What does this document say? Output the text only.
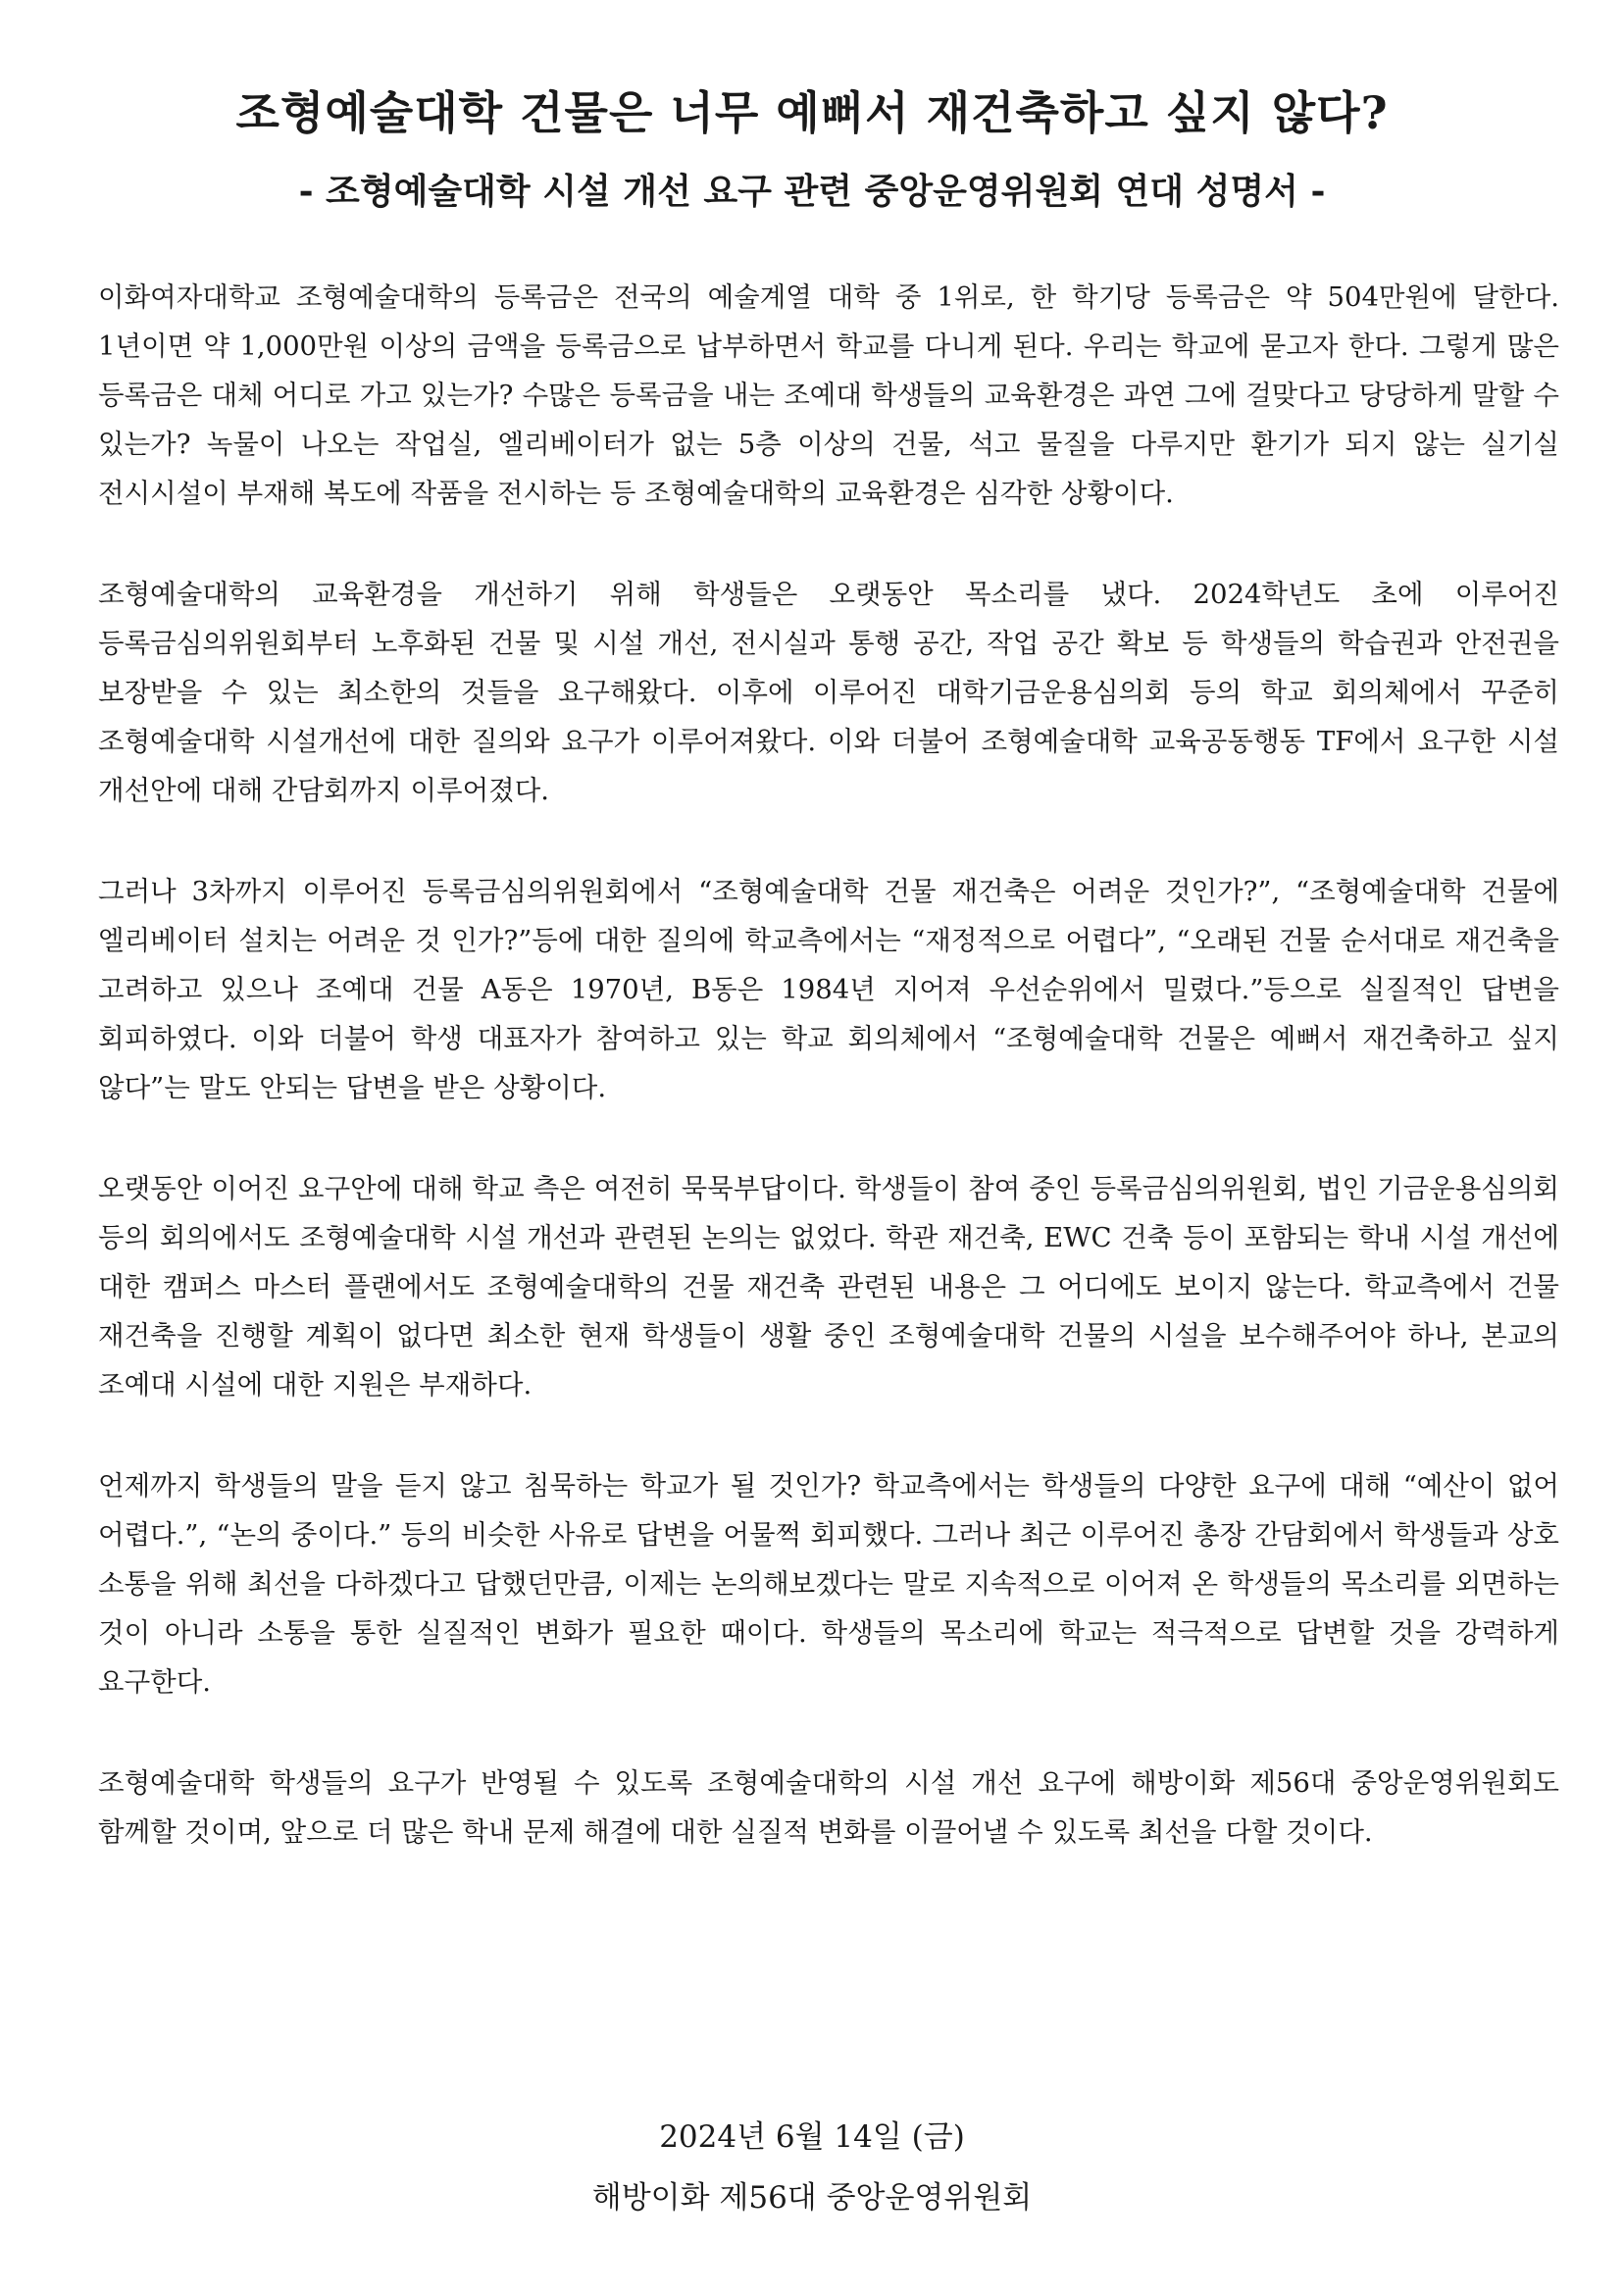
조형예술대학 건물은 너무 예뻐서 재건축하고 싶지 않다?
- 조형예술대학 시설 개선 요구 관련 중앙운영위원회 연대 성명서 -

이화여자대학교 조형예술대학의 등록금은 전국의 예술계열 대학 중 1위로, 한 학기당 등록금은 약 504만원에 달한다. 1년이면 약 1,000만원 이상의 금액을 등록금으로 납부하면서 학교를 다니게 된다. 우리는 학교에 묻고자 한다. 그렇게 많은 등록금은 대체 어디로 가고 있는가? 수많은 등록금을 내는 조예대 학생들의 교육환경은 과연 그에 걸맞다고 당당하게 말할 수 있는가? 녹물이 나오는 작업실, 엘리베이터가 없는 5층 이상의 건물, 석고 물질을 다루지만 환기가 되지 않는 실기실 전시시설이 부재해 복도에 작품을 전시하는 등 조형예술대학의 교육환경은 심각한 상황이다.

조형예술대학의 교육환경을 개선하기 위해 학생들은 오랫동안 목소리를 냈다. 2024학년도 초에 이루어진 등록금심의위원회부터 노후화된 건물 및 시설 개선, 전시실과 통행 공간, 작업 공간 확보 등 학생들의 학습권과 안전권을 보장받을 수 있는 최소한의 것들을 요구해왔다. 이후에 이루어진 대학기금운용심의회 등의 학교 회의체에서 꾸준히 조형예술대학 시설개선에 대한 질의와 요구가 이루어져왔다. 이와 더불어 조형예술대학 교육공동행동 TF에서 요구한 시설 개선안에 대해 간담회까지 이루어졌다.

그러나 3차까지 이루어진 등록금심의위원회에서 “조형예술대학 건물 재건축은 어려운 것인가?”, “조형예술대학 건물에 엘리베이터 설치는 어려운 것 인가?”등에 대한 질의에 학교측에서는 “재정적으로 어렵다”, “오래된 건물 순서대로 재건축을 고려하고 있으나 조예대 건물 A동은 1970년, B동은 1984년 지어져 우선순위에서 밀렸다.”등으로 실질적인 답변을 회피하였다. 이와 더불어 학생 대표자가 참여하고 있는 학교 회의체에서 “조형예술대학 건물은 예뻐서 재건축하고 싶지 않다”는 말도 안되는 답변을 받은 상황이다.

오랫동안 이어진 요구안에 대해 학교 측은 여전히 묵묵부답이다. 학생들이 참여 중인 등록금심의위원회, 법인 기금운용심의회 등의 회의에서도 조형예술대학 시설 개선과 관련된 논의는 없었다. 학관 재건축, EWC 건축 등이 포함되는 학내 시설 개선에 대한 캠퍼스 마스터 플랜에서도 조형예술대학의 건물 재건축 관련된 내용은 그 어디에도 보이지 않는다. 학교측에서 건물 재건축을 진행할 계획이 없다면 최소한 현재 학생들이 생활 중인 조형예술대학 건물의 시설을 보수해주어야 하나, 본교의 조예대 시설에 대한 지원은 부재하다.

언제까지 학생들의 말을 듣지 않고 침묵하는 학교가 될 것인가? 학교측에서는 학생들의 다양한 요구에 대해 “예산이 없어 어렵다.”, “논의 중이다.” 등의 비슷한 사유로 답변을 어물쩍 회피했다. 그러나 최근 이루어진 총장 간담회에서 학생들과 상호 소통을 위해 최선을 다하겠다고 답했던만큼, 이제는 논의해보겠다는 말로 지속적으로 이어져 온 학생들의 목소리를 외면하는 것이 아니라 소통을 통한 실질적인 변화가 필요한 때이다. 학생들의 목소리에 학교는 적극적으로 답변할 것을 강력하게 요구한다.

조형예술대학 학생들의 요구가 반영될 수 있도록 조형예술대학의 시설 개선 요구에 해방이화 제56대 중앙운영위원회도 함께할 것이며, 앞으로 더 많은 학내 문제 해결에 대한 실질적 변화를 이끌어낼 수 있도록 최선을 다할 것이다.

2024년 6월 14일 (금)
해방이화 제56대 중앙운영위원회
